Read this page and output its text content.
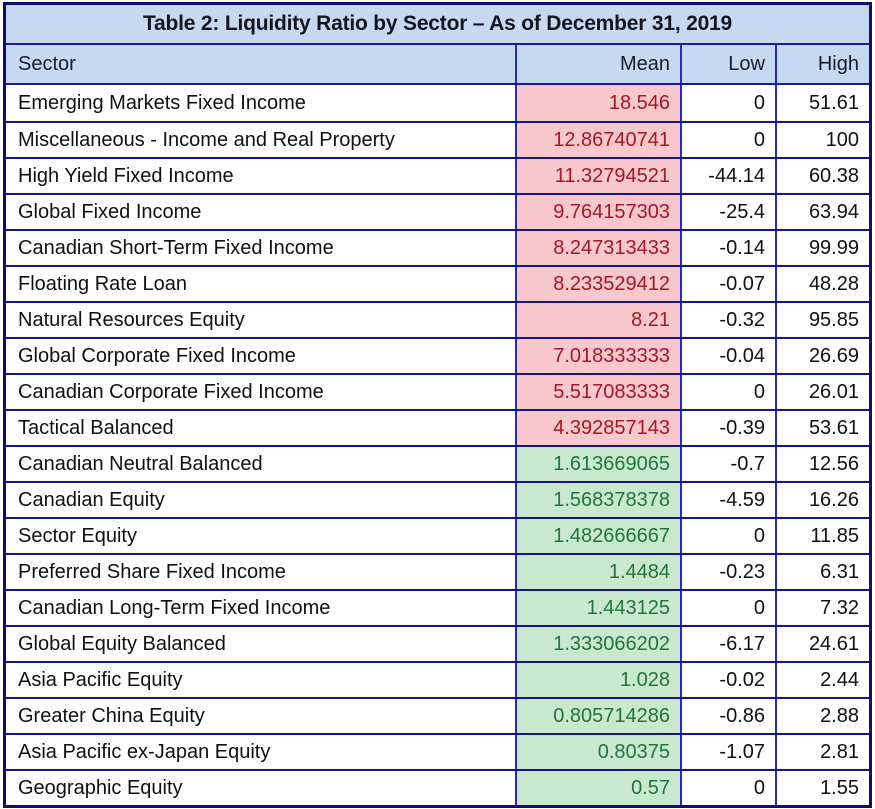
Table 2: Liquidity Ratio by Sector – As of December 31, 2019
Sector	Mean	Low	High
Emerging Markets Fixed Income	18.546	0	51.61
Miscellaneous - Income and Real Property	12.86740741	0	100
High Yield Fixed Income	11.32794521	-44.14	60.38
Global Fixed Income	9.764157303	-25.4	63.94
Canadian Short-Term Fixed Income	8.247313433	-0.14	99.99
Floating Rate Loan	8.233529412	-0.07	48.28
Natural Resources Equity	8.21	-0.32	95.85
Global Corporate Fixed Income	7.018333333	-0.04	26.69
Canadian Corporate Fixed Income	5.517083333	0	26.01
Tactical Balanced	4.392857143	-0.39	53.61
Canadian Neutral Balanced	1.613669065	-0.7	12.56
Canadian Equity	1.568378378	-4.59	16.26
Sector Equity	1.482666667	0	11.85
Preferred Share Fixed Income	1.4484	-0.23	6.31
Canadian Long-Term Fixed Income	1.443125	0	7.32
Global Equity Balanced	1.333066202	-6.17	24.61
Asia Pacific Equity	1.028	-0.02	2.44
Greater China Equity	0.805714286	-0.86	2.88
Asia Pacific ex-Japan Equity	0.80375	-1.07	2.81
Geographic Equity	0.57	0	1.55
